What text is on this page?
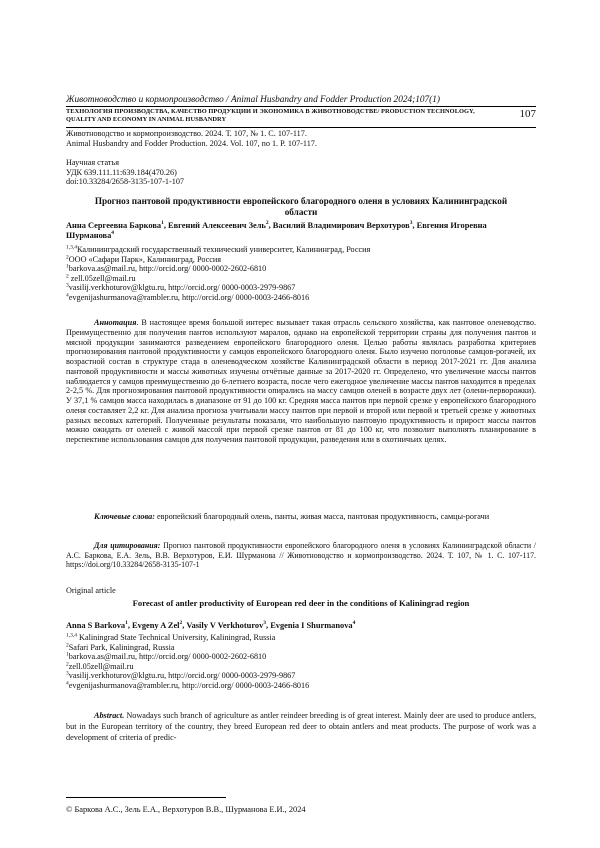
Животноводство и кормопроизводство / Animal Husbandry and Fodder Production 2024;107(1)
ТЕХНОЛОГИЯ ПРОИЗВОДСТВА, КАЧЕСТВО ПРОДУКЦИИ И ЭКОНОМИКА В ЖИВОТНОВОДСТВЕ/ PRODUCTION TECHNOLOGY, QUALITY AND ECONOMY IN ANIMAL HUSBANDRY	107
Животноводство и кормопроизводство. 2024. Т. 107, № 1. С. 107-117.
Animal Husbandry and Fodder Production. 2024. Vol. 107, no 1. P. 107-117.
Научная статья
УДК 639.111.11:639.184(470.26)
doi:10.33284/2658-3135-107-1-107
Прогноз пантовой продуктивности европейского благородного оленя в условиях Калининградской области
Анна Сергеевна Баркова$^1$, Евгений Алексеевич Зель$^2$, Василий Владимирович Верхотуров$^3$, Евгения Игоревна Шурманова$^4$
$^{1,3,4}$Калининградский государственный технический университет, Калининград, Россия
$^2$ООО «Сафари Парк», Калининград, Россия
$^1$barkova.as@mail.ru, http://orcid.org/ 0000-0002-2602-6810
$^2$ zell.05zell@mail.ru
$^3$vasilij.verkhoturov@klgtu.ru, http://orcid.org/ 0000-0003-2979-9867
$^4$evgenijashurmanova@rambler.ru, http://orcid.org/ 0000-0003-2466-8016
Аннотация. В настоящее время большой интерес вызывает такая отрасль сельского хозяйства, как пантовое оленеводство. Преимущественно для получения пантов используют маралов, однако на европейской территории страны для получения пантов и мясной продукции занимаются разведением европейского благородного оленя. Целью работы являлась разработка критериев прогнозирования пантовой продуктивности у самцов европейского благородного оленя. Было изучено поголовье самцов-рогачей, их возрастной состав в структуре стада в оленеводческом хозяйстве Калининградской области в период 2017-2021 гг. Для анализа пантовой продуктивности и массы животных изучены отчётные данные за 2017-2020 гг. Определено, что увеличение массы пантов наблюдается у самцов преимущественно до 6-летнего возраста, после чего ежегодное увеличение массы пантов находится в пределах 2-2,5 %. Для прогнозирования пантовой продуктивности опирались на массу самцов оленей в возрасте двух лет (олени-перворожки). У 37,1 % самцов масса находилась в диапазоне от 91 до 100 кг. Средняя масса пантов при первой срезке у европейского благородного оленя составляет 2,2 кг. Для анализа прогноза учитывали массу пантов при первой и второй или первой и третьей срезке у животных разных весовых категорий. Полученные результаты показали, что наибольшую пантовую продуктивность и прирост массы пантов можно ожидать от оленей с живой массой при первой срезке пантов от 81 до 100 кг, что позволит выполнять планирование в перспективе использования самцов для получения пантовой продукции, разведения или в охотничьих целях.
Ключевые слова: европейский благородный олень, панты, живая масса, пантовая продуктивность, самцы-рогачи
Для цитирования: Прогноз пантовой продуктивности европейского благородного оленя в условиях Калининградской области / А.С. Баркова, Е.А. Зель, В.В. Верхотуров, Е.И. Шурманова // Животноводство и кормопроизводство. 2024. Т. 107, № 1. С. 107-117. https://doi.org/10.33284/2658-3135-107-1
Original article
Forecast of antler productivity of European red deer in the conditions of Kaliningrad region
Anna S Barkova$^1$, Evgeny A Zel$^2$, Vasily V Verkhoturov$^3$, Evgenia I Shurmanova$^4$
$^{1,3,4}$ Kaliningrad State Technical University, Kaliningrad, Russia
$^2$Safari Park, Kaliningrad, Russia
$^1$barkova.as@mail.ru, http://orcid.org/ 0000-0002-2602-6810
$^2$zell.05zell@mail.ru
$^3$vasilij.verkhoturov@klgtu.ru, http://orcid.org/ 0000-0003-2979-9867
$^4$evgenijashurmanova@rambler.ru, http://orcid.org/ 0000-0003-2466-8016
Abstract. Nowadays such branch of agriculture as antler reindeer breeding is of great interest. Mainly deer are used to produce antlers, but in the European territory of the country, they breed European red deer to obtain antlers and meat products. The purpose of work was a development of criteria of predic-
© Баркова А.С., Зель Е.А., Верхотуров В.В., Шурманова Е.И., 2024
